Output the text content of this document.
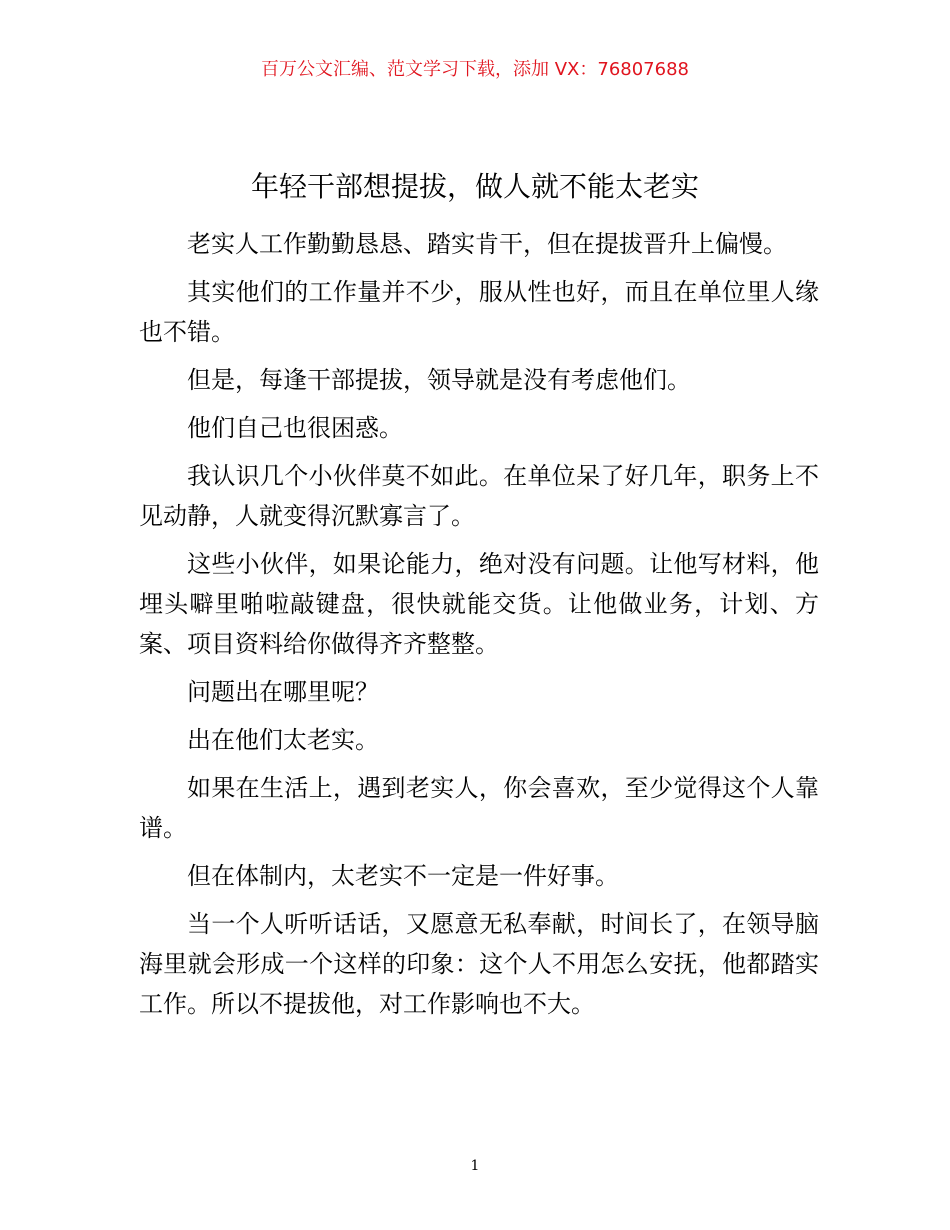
百万公文汇编、范文学习下载，添加 VX：76807688
年轻干部想提拔，做人就不能太老实

老实人工作勤勤恳恳、踏实肯干，但在提拔晋升上偏慢。

其实他们的工作量并不少，服从性也好，而且在单位里人缘也不错。

但是，每逢干部提拔，领导就是没有考虑他们。

他们自己也很困惑。

我认识几个小伙伴莫不如此。在单位呆了好几年，职务上不见动静，人就变得沉默寡言了。

这些小伙伴，如果论能力，绝对没有问题。让他写材料，他埋头噼里啪啦敲键盘，很快就能交货。让他做业务，计划、方案、项目资料给你做得齐齐整整。

问题出在哪里呢？

出在他们太老实。

如果在生活上，遇到老实人，你会喜欢，至少觉得这个人靠谱。

但在体制内，太老实不一定是一件好事。

当一个人听听话话，又愿意无私奉献，时间长了，在领导脑海里就会形成一个这样的印象：这个人不用怎么安抚，他都踏实工作。所以不提拔他，对工作影响也不大。

1
